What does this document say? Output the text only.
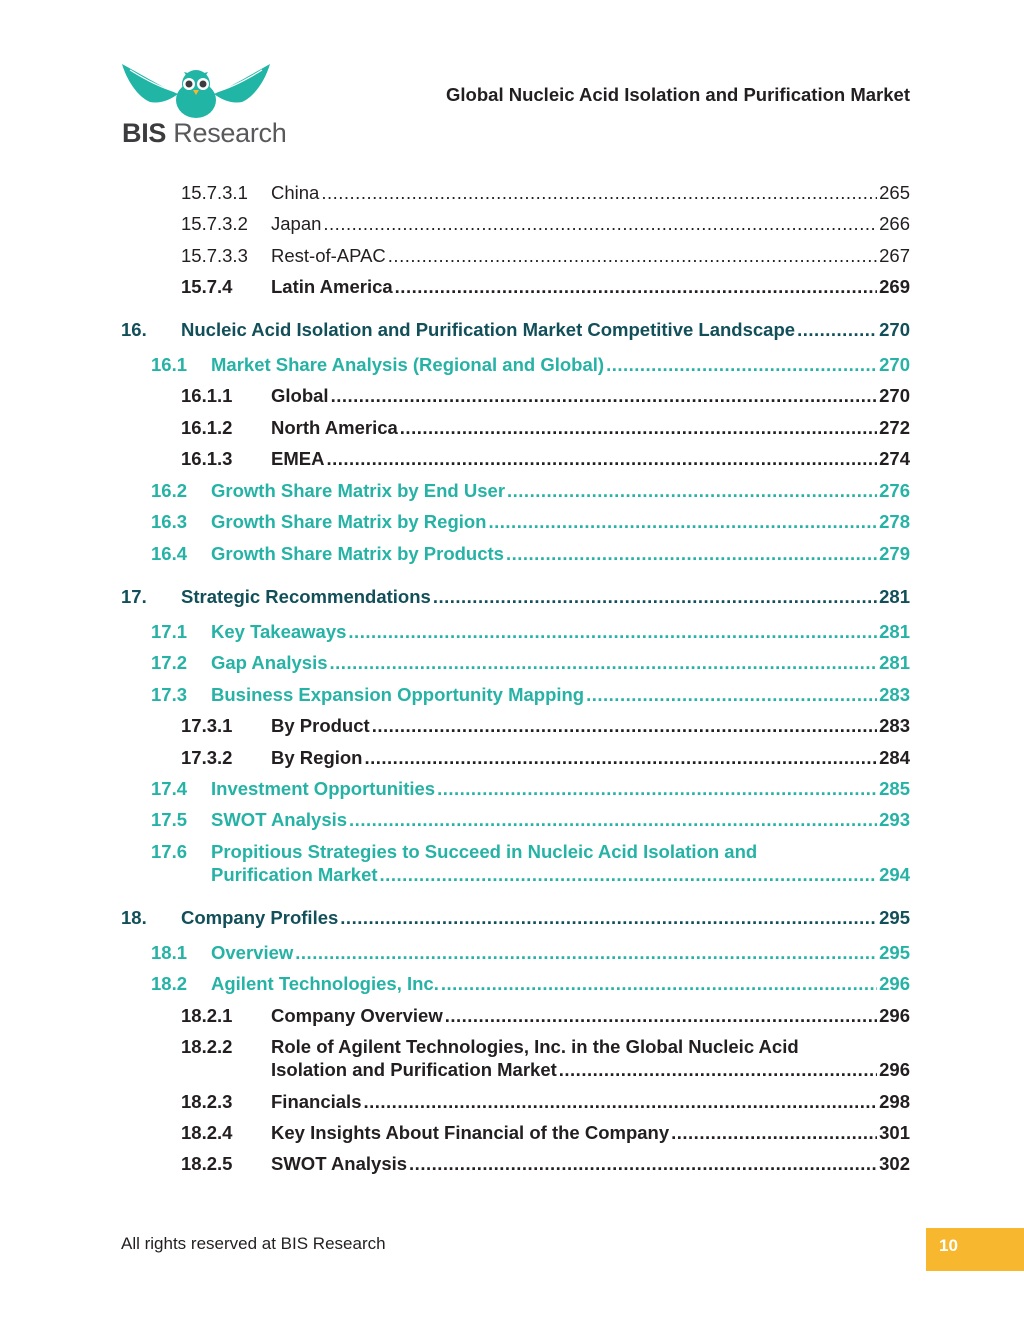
BIS Research
Global Nucleic Acid Isolation and Purification Market
15.7.3.1 China .....	265
15.7.3.2 Japan .....	266
15.7.3.3 Rest-of-APAC .....	267
15.7.4 Latin America .....	269
16. Nucleic Acid Isolation and Purification Market Competitive Landscape .....	270
16.1 Market Share Analysis (Regional and Global) .....	270
16.1.1 Global .....	270
16.1.2 North America .....	272
16.1.3 EMEA .....	274
16.2 Growth Share Matrix by End User .....	276
16.3 Growth Share Matrix by Region .....	278
16.4 Growth Share Matrix by Products .....	279
17. Strategic Recommendations .....	281
17.1 Key Takeaways .....	281
17.2 Gap Analysis .....	281
17.3 Business Expansion Opportunity Mapping .....	283
17.3.1 By Product .....	283
17.3.2 By Region .....	284
17.4 Investment Opportunities .....	285
17.5 SWOT Analysis .....	293
17.6 Propitious Strategies to Succeed in Nucleic Acid Isolation and
Purification Market .....	294
18. Company Profiles .....	295
18.1 Overview .....	295
18.2 Agilent Technologies, Inc. .....	296
18.2.1 Company Overview .....	296
18.2.2 Role of Agilent Technologies, Inc. in the Global Nucleic Acid
Isolation and Purification Market .....	296
18.2.3 Financials .....	298
18.2.4 Key Insights About Financial of the Company .....	301
18.2.5 SWOT Analysis .....	302
All rights reserved at BIS Research	10
